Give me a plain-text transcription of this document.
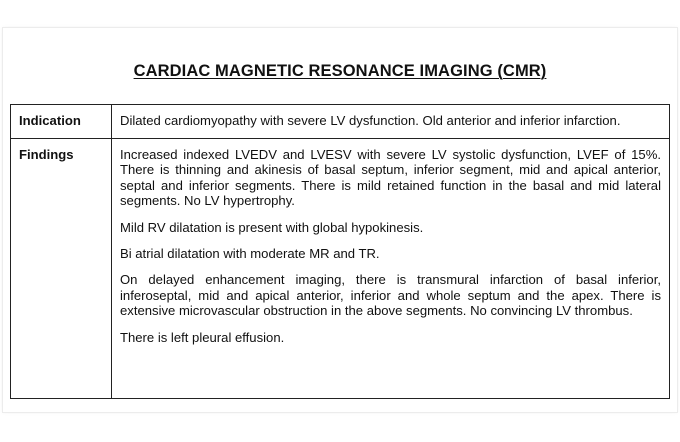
CARDIAC MAGNETIC RESONANCE IMAGING (CMR)
Indication	Dilated cardiomyopathy with severe LV dysfunction. Old anterior and inferior infarction.
Findings	Increased indexed LVEDV and LVESV with severe LV systolic dysfunction, LVEF of 15%. There is thinning and akinesis of basal septum, inferior segment, mid and apical anterior, septal and inferior segments. There is mild retained function in the basal and mid lateral segments. No LV hypertrophy.

Mild RV dilatation is present with global hypokinesis.

Bi atrial dilatation with moderate MR and TR.

On delayed enhancement imaging, there is transmural infarction of basal inferior, inferoseptal, mid and apical anterior, inferior and whole septum and the apex. There is extensive microvascular obstruction in the above segments. No convincing LV thrombus.

There is left pleural effusion.
